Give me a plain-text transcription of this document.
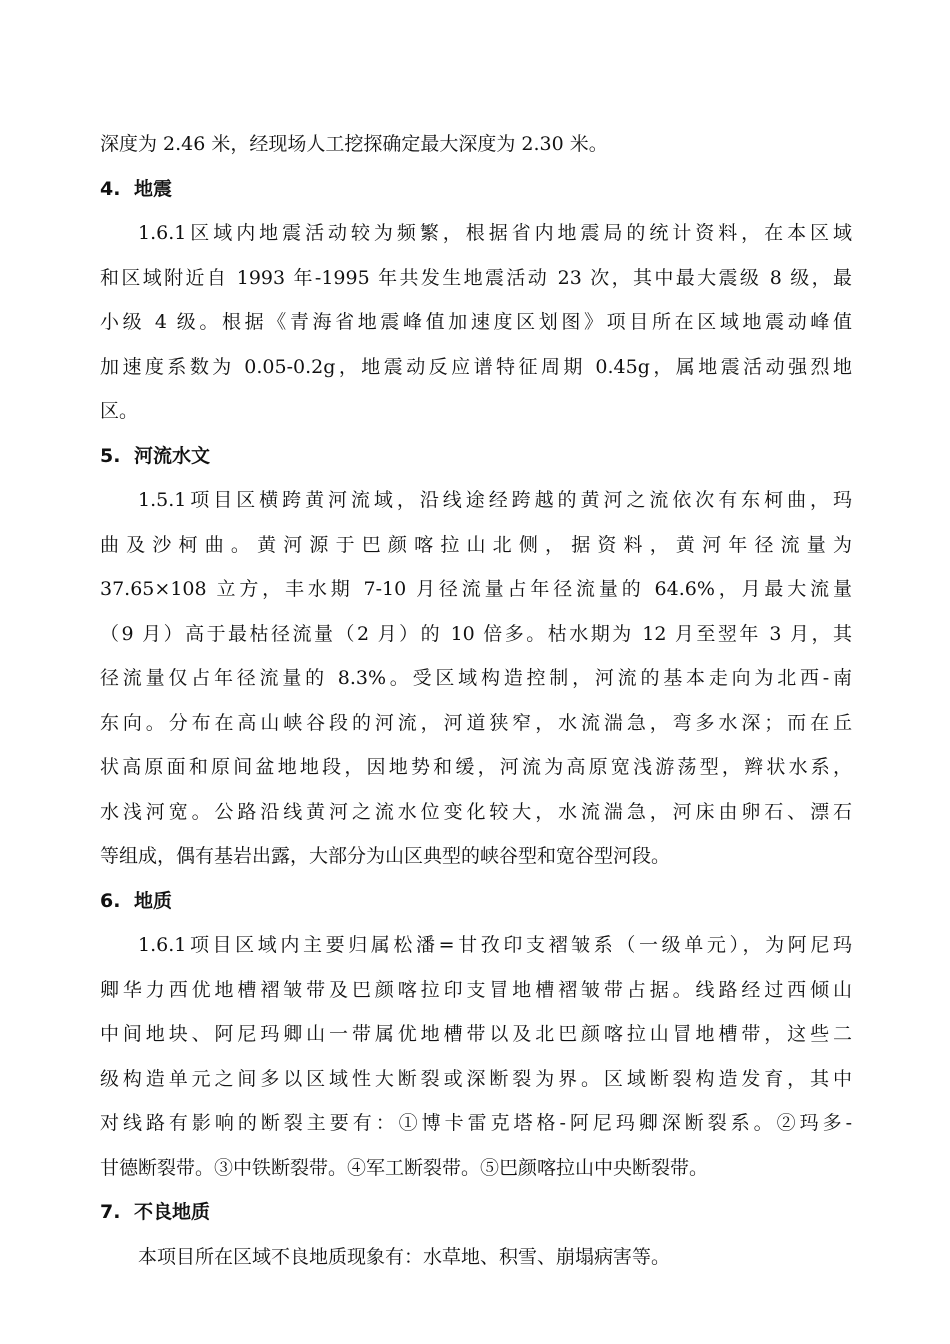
深度为 2.46 米，经现场人工挖探确定最大深度为 2.30 米。
4. 地震
1.6.1区域内地震活动较为频繁，根据省内地震局的统计资料，在本区域
和区域附近自 1993 年-1995 年共发生地震活动 23 次，其中最大震级 8 级，最
小级 4 级。根据《青海省地震峰值加速度区划图》项目所在区域地震动峰值
加速度系数为 0.05-0.2g，地震动反应谱特征周期 0.45g，属地震活动强烈地
区。
5. 河流水文
1.5.1项目区横跨黄河流域，沿线途经跨越的黄河之流依次有东柯曲，玛
曲及沙柯曲。黄河源于巴颜喀拉山北侧，据资料，黄河年径流量为
37.65×108 立方，丰水期 7-10 月径流量占年径流量的 64.6%，月最大流量
（9 月）高于最枯径流量（2 月）的 10 倍多。枯水期为 12 月至翌年 3 月，其
径流量仅占年径流量的 8.3%。受区域构造控制，河流的基本走向为北西-南
东向。分布在高山峡谷段的河流，河道狭窄，水流湍急，弯多水深；而在丘
状高原面和原间盆地地段，因地势和缓，河流为高原宽浅游荡型，辫状水系，
水浅河宽。公路沿线黄河之流水位变化较大，水流湍急，河床由卵石、漂石
等组成，偶有基岩出露，大部分为山区典型的峡谷型和宽谷型河段。
6. 地质
1.6.1项目区域内主要归属松潘=甘孜印支褶皱系（一级单元），为阿尼玛
卿华力西优地槽褶皱带及巴颜喀拉印支冒地槽褶皱带占据。线路经过西倾山
中间地块、阿尼玛卿山一带属优地槽带以及北巴颜喀拉山冒地槽带，这些二
级构造单元之间多以区域性大断裂或深断裂为界。区域断裂构造发育，其中
对线路有影响的断裂主要有：①博卡雷克塔格-阿尼玛卿深断裂系。②玛多-
甘德断裂带。③中铁断裂带。④军工断裂带。⑤巴颜喀拉山中央断裂带。
7. 不良地质
本项目所在区域不良地质现象有：水草地、积雪、崩塌病害等。
